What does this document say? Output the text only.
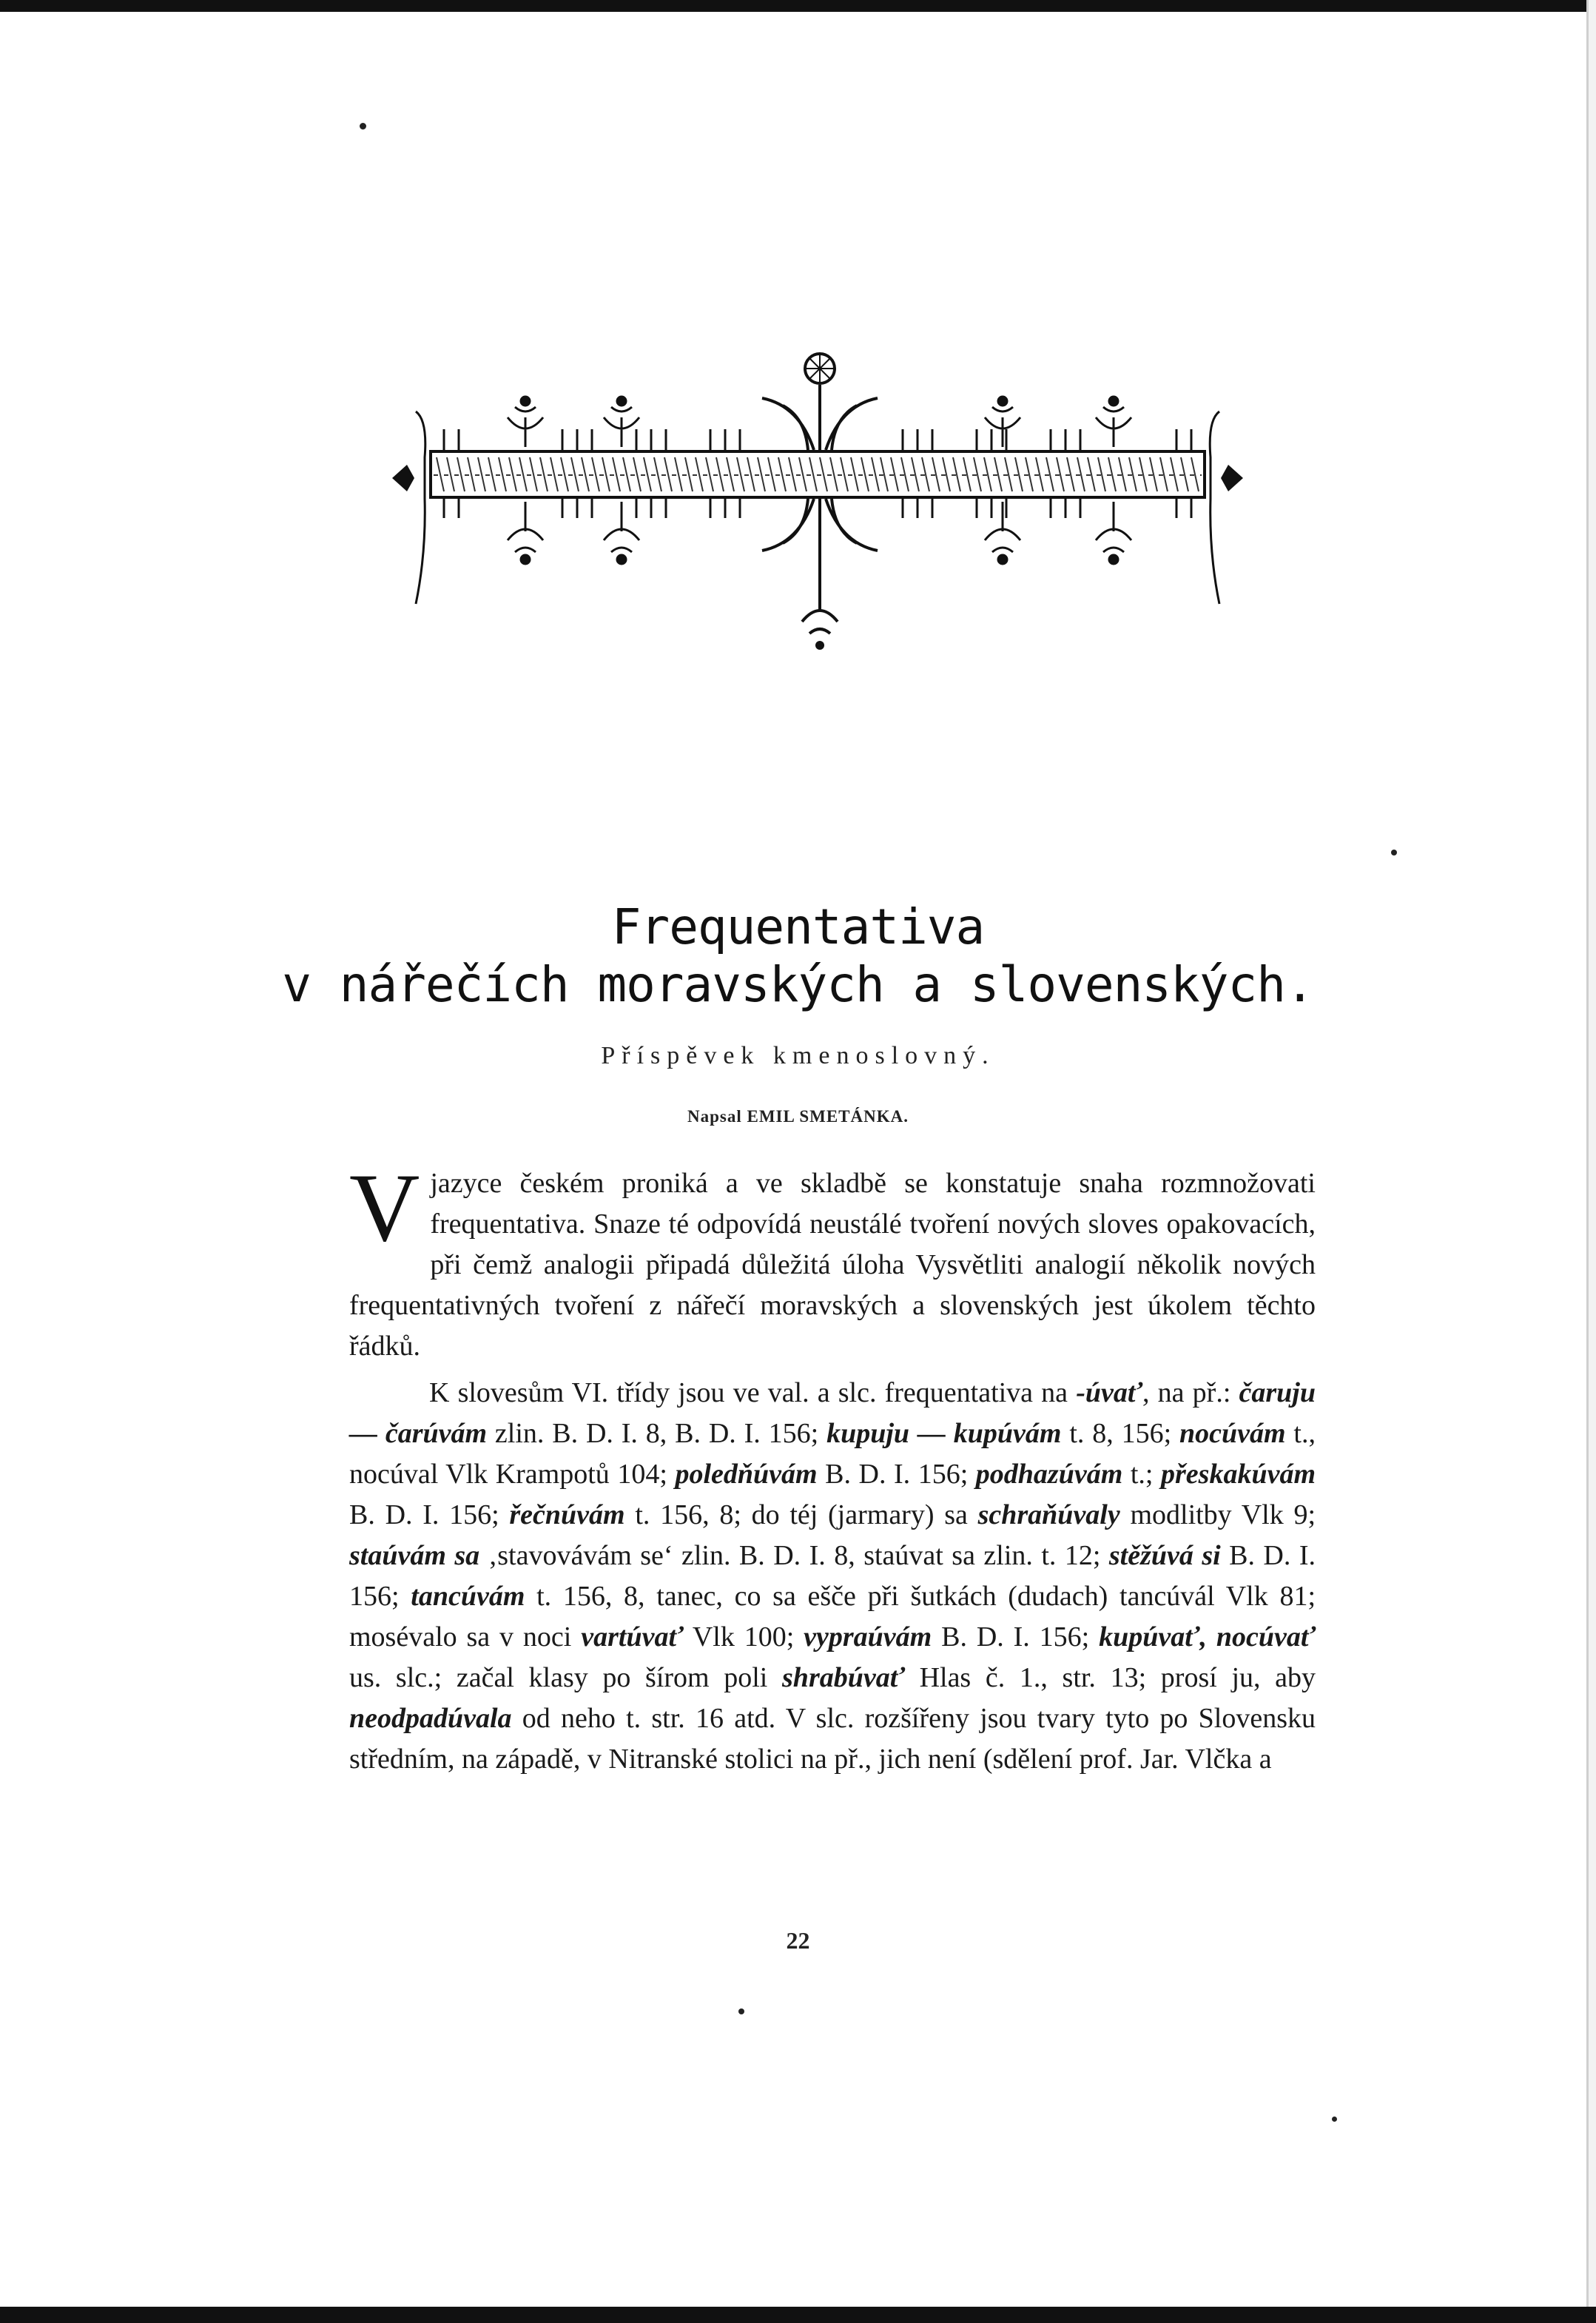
Frequentativa
v nářečích moravských a slovenských.

Příspěvek kmenoslovný.

Napsal EMIL SMETÁNKA.

V jazyce českém proniká a ve skladbě se konstatuje snaha rozmnožovati frequentativa. Snaze té odpovídá neustálé tvoření nových sloves opakovacích, při čemž analogii připadá důležitá úloha Vysvětliti analogií několik nových frequentativných tvoření z nářečí moravských a slovenských jest úkolem těchto řádků.

K slovesům VI. třídy jsou ve val. a slc. frequentativa na -úvať, na př.: čaruju — čarúvám zlin. B. D. I. 8, B. D. I. 156; kupuju — kupúvám t. 8, 156; nocúvám t., nocúval Vlk Krampotů 104; poledňúvám B. D. I. 156; podhazúvám t.; přeskakúvám B. D. I. 156; řečnúvám t. 156, 8; do téj (jarmary) sa schraňúvaly modlitby Vlk 9; staúvám sa ‚stavovávám se‘ zlin. B. D. I. 8, staúvat sa zlin. t. 12; stěžúvá si B. D. I. 156; tancúvám t. 156, 8, tanec, co sa ešče při šutkách (dudach) tancúvál Vlk 81; mosévalo sa v noci vartúvať Vlk 100; vypraúvám B. D. I. 156; kupúvať, nocúvať us. slc.; začal klasy po šírom poli shrabúvať Hlas č. 1., str. 13; prosí ju, aby neodpadúvala od neho t. str. 16 atd. V slc. rozšířeny jsou tvary tyto po Slovensku středním, na západě, v Nitranské stolici na př., jich není (sdělení prof. Jar. Vlčka a

22
